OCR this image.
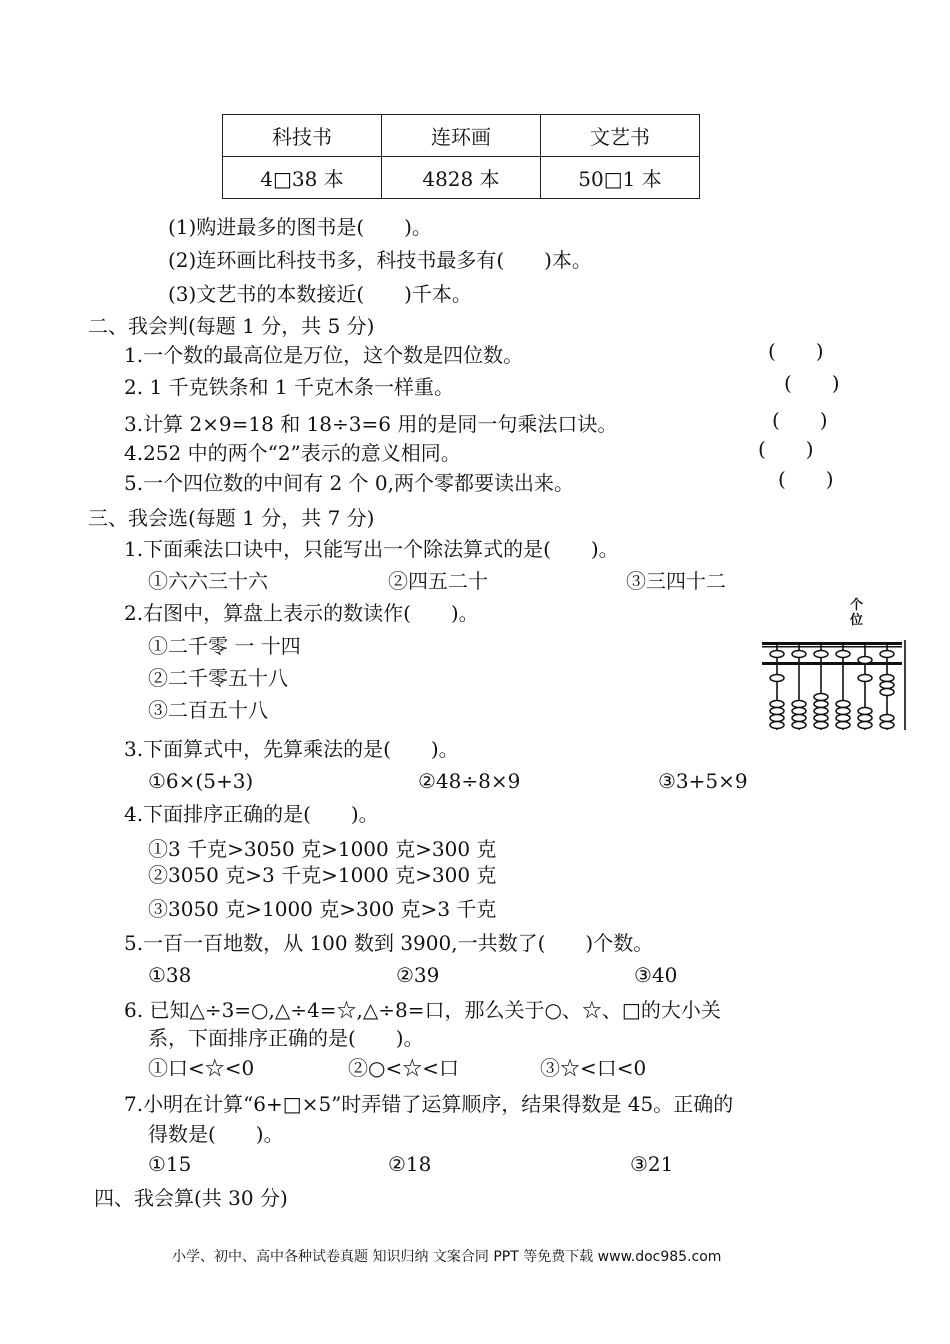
科技书	连环画	文艺书
4□38 本	4828 本	50□1 本
(1)购进最多的图书是(　　)。
(2)连环画比科技书多，科技书最多有(　　)本。
(3)文艺书的本数接近(　　)千本。
二、我会判(每题 1 分，共 5 分)
1.一个数的最高位是万位，这个数是四位数。	(　　)
2. 1 千克铁条和 1 千克木条一样重。	(　　)
3.计算 2×9=18 和 18÷3=6 用的是同一句乘法口诀。	(　　)
4.252 中的两个“2”表示的意义相同。	(　　)
5.一个四位数的中间有 2 个 0,两个零都要读出来。	(　　)
三、我会选(每题 1 分，共 7 分)
1.下面乘法口诀中，只能写出一个除法算式的是(　　)。
①六六三十六	②四五二十	③三四十二
2.右图中，算盘上表示的数读作(　　)。
①二千零 一 十四
②二千零五十八
③二百五十八
个
位
3.下面算式中，先算乘法的是(　　)。
①6×(5+3)	②48÷8×9	③3+5×9
4.下面排序正确的是(　　)。
①3 千克>3050 克>1000 克>300 克
②3050 克>3 千克>1000 克>300 克
③3050 克>1000 克>300 克>3 千克
5.一百一百地数，从 100 数到 3900,一共数了(　　)个数。
①38	②39	③40
6. 已知△÷3=○,△÷4=☆,△÷8=口，那么关于○、☆、□的大小关
系，下面排序正确的是(　　)。
①口<☆<0	②○<☆<口	③☆<口<0
7.小明在计算“6+□×5”时弄错了运算顺序，结果得数是 45。正确的
得数是(　　)。
①15	②18	③21
四、我会算(共 30 分)
小学、初中、高中各种试卷真题 知识归纳 文案合同 PPT 等免费下载 www.doc985.com
